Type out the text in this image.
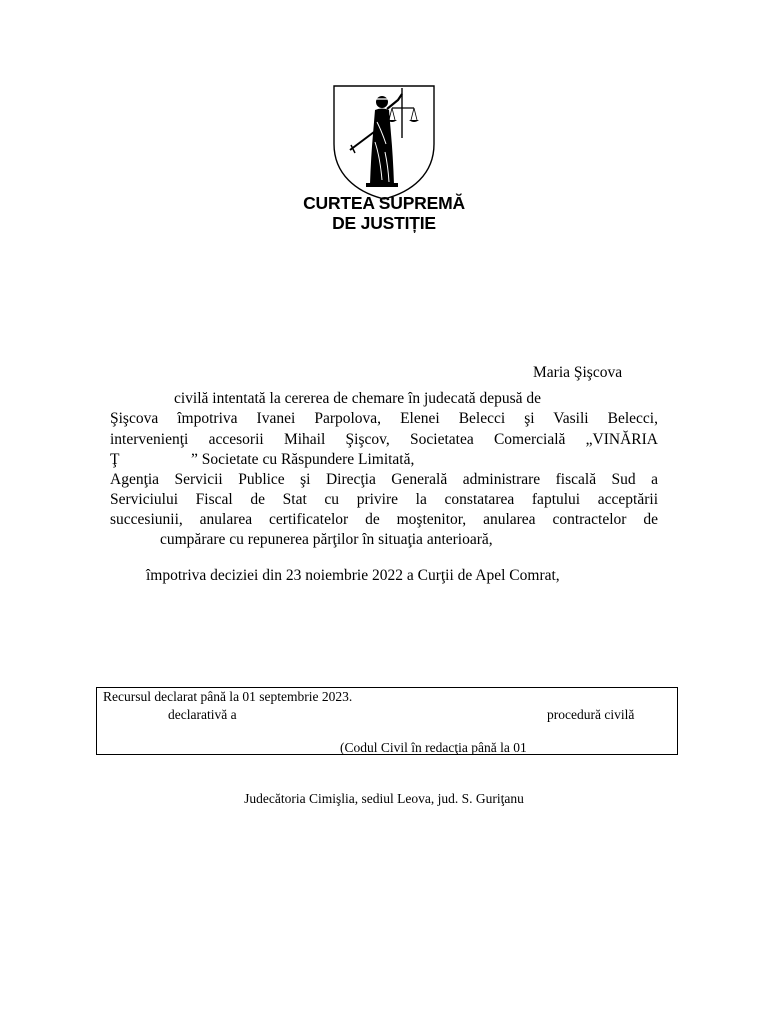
CURTEA SUPREMĂ
DE JUSTIȚIE
Maria Şişcova
civilă intentată la cererea de chemare în judecată depusă de
Şişcova împotriva Ivanei Parpolova, Elenei Belecci şi Vasili Belecci,
intervenienţi accesorii Mihail Şişcov, Societatea Comercială „VINĂRIA
Ţ	” Societate cu Răspundere Limitată,
Agenţia Servicii Publice şi Direcţia Generală administrare fiscală Sud a
Serviciului Fiscal de Stat cu privire la constatarea faptului acceptării
succesiunii, anularea certificatelor de moştenitor, anularea contractelor de
cumpărare cu repunerea părţilor în situaţia anterioară,
împotriva deciziei din 23 noiembrie 2022 a Curţii de Apel Comrat,
Recursul declarat până la 01 septembrie 2023.
declarativă a	procedură civilă
(Codul Civil în redacţia până la 01
Judecătoria Cimişlia, sediul Leova, jud. S. Guriţanu
